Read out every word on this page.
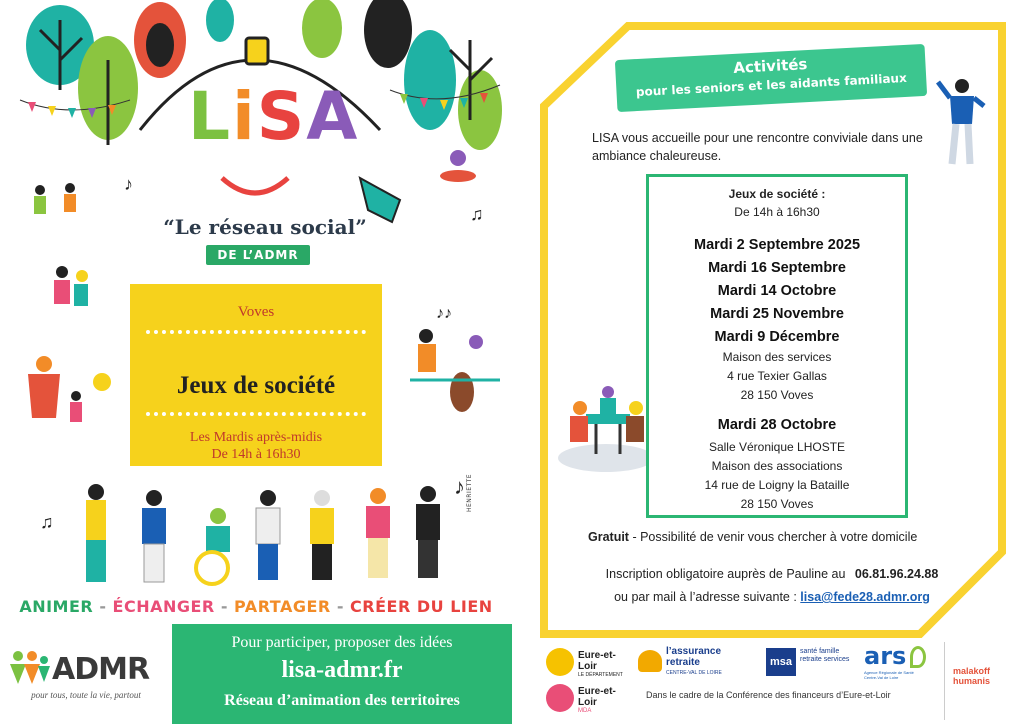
♪
♫
♪♪
♫
♪
LiSA
“Le réseau social”
DE L’ADMR
Voves
Jeux de société
Les Mardis après-midis
De 14h à 16h30
HENRIETTE
ANIMER - ÉCHANGER - PARTAGER - CRÉER DU LIEN
ADMR
pour tous, toute la vie, partout
Pour participer, proposer des idées
lisa-admr.fr
Réseau d’animation des territoires
Activités
pour les seniors et les aidants familiaux
LISA vous accueille pour une rencontre conviviale dans une ambiance chaleureuse.
Jeux de société :
De 14h à 16h30
Mardi 2 Septembre 2025
Mardi 16 Septembre
Mardi 14 Octobre
Mardi 25 Novembre
Mardi 9 Décembre
Maison des services
4 rue Texier Gallas
28 150 Voves
Mardi 28 Octobre
Salle Véronique LHOSTE
Maison des associations
14 rue de Loigny la Bataille
28 150 Voves
Gratuit - Possibilité de venir vous chercher à votre domicile
Inscription obligatoire auprès de Pauline au 06.81.96.24.88
ou par mail à l’adresse suivante : lisa@fede28.admr.org
Eure-et-Loir
LE DÉPARTEMENT
Eure-et-Loir
MDA
l’assurance retraite
CENTRE-VAL DE LOIRE
msa
santé famille retraite services ars
Agence Régionale de Santé Centre-Val de Loire
malakoff humanis
Dans le cadre de la Conférence des financeurs d’Eure-et-Loir
